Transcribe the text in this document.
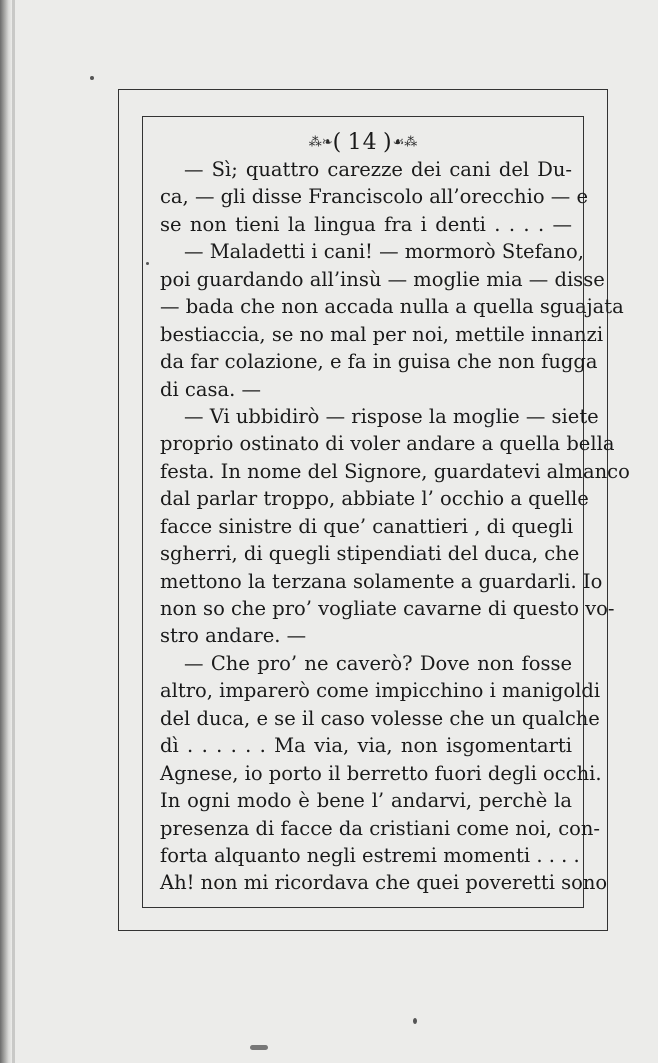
⁂❧( 14 )☙⁂
— Sì; quattro carezze dei cani del Du-
ca, — gli disse Franciscolo all’orecchio — e
se non tieni la lingua fra i denti . . . . —
— Maladetti i cani! — mormorò Stefano,
poi guardando all’insù — moglie mia — disse
— bada che non accada nulla a quella sguajata
bestiaccia, se no mal per noi, mettile innanzi
da far colazione, e fa in guisa che non fugga
di casa. —
— Vi ubbidirò — rispose la moglie — siete
proprio ostinato di voler andare a quella bella
festa. In nome del Signore, guardatevi almanco
dal parlar troppo, abbiate l’ occhio a quelle
facce sinistre di que’ canattieri , di quegli
sgherri, di quegli stipendiati del duca, che
mettono la terzana solamente a guardarli. Io
non so che pro’ vogliate cavarne di questo vo-
stro andare. —
— Che pro’ ne caverò? Dove non fosse
altro, imparerò come impicchino i manigoldi
del duca, e se il caso volesse che un qualche
dì . . . . . . Ma via, via, non isgomentarti
Agnese, io porto il berretto fuori degli occhi.
In ogni modo è bene l’ andarvi, perchè la
presenza di facce da cristiani come noi, con-
forta alquanto negli estremi momenti . . . .
Ah! non mi ricordava che quei poveretti sono
